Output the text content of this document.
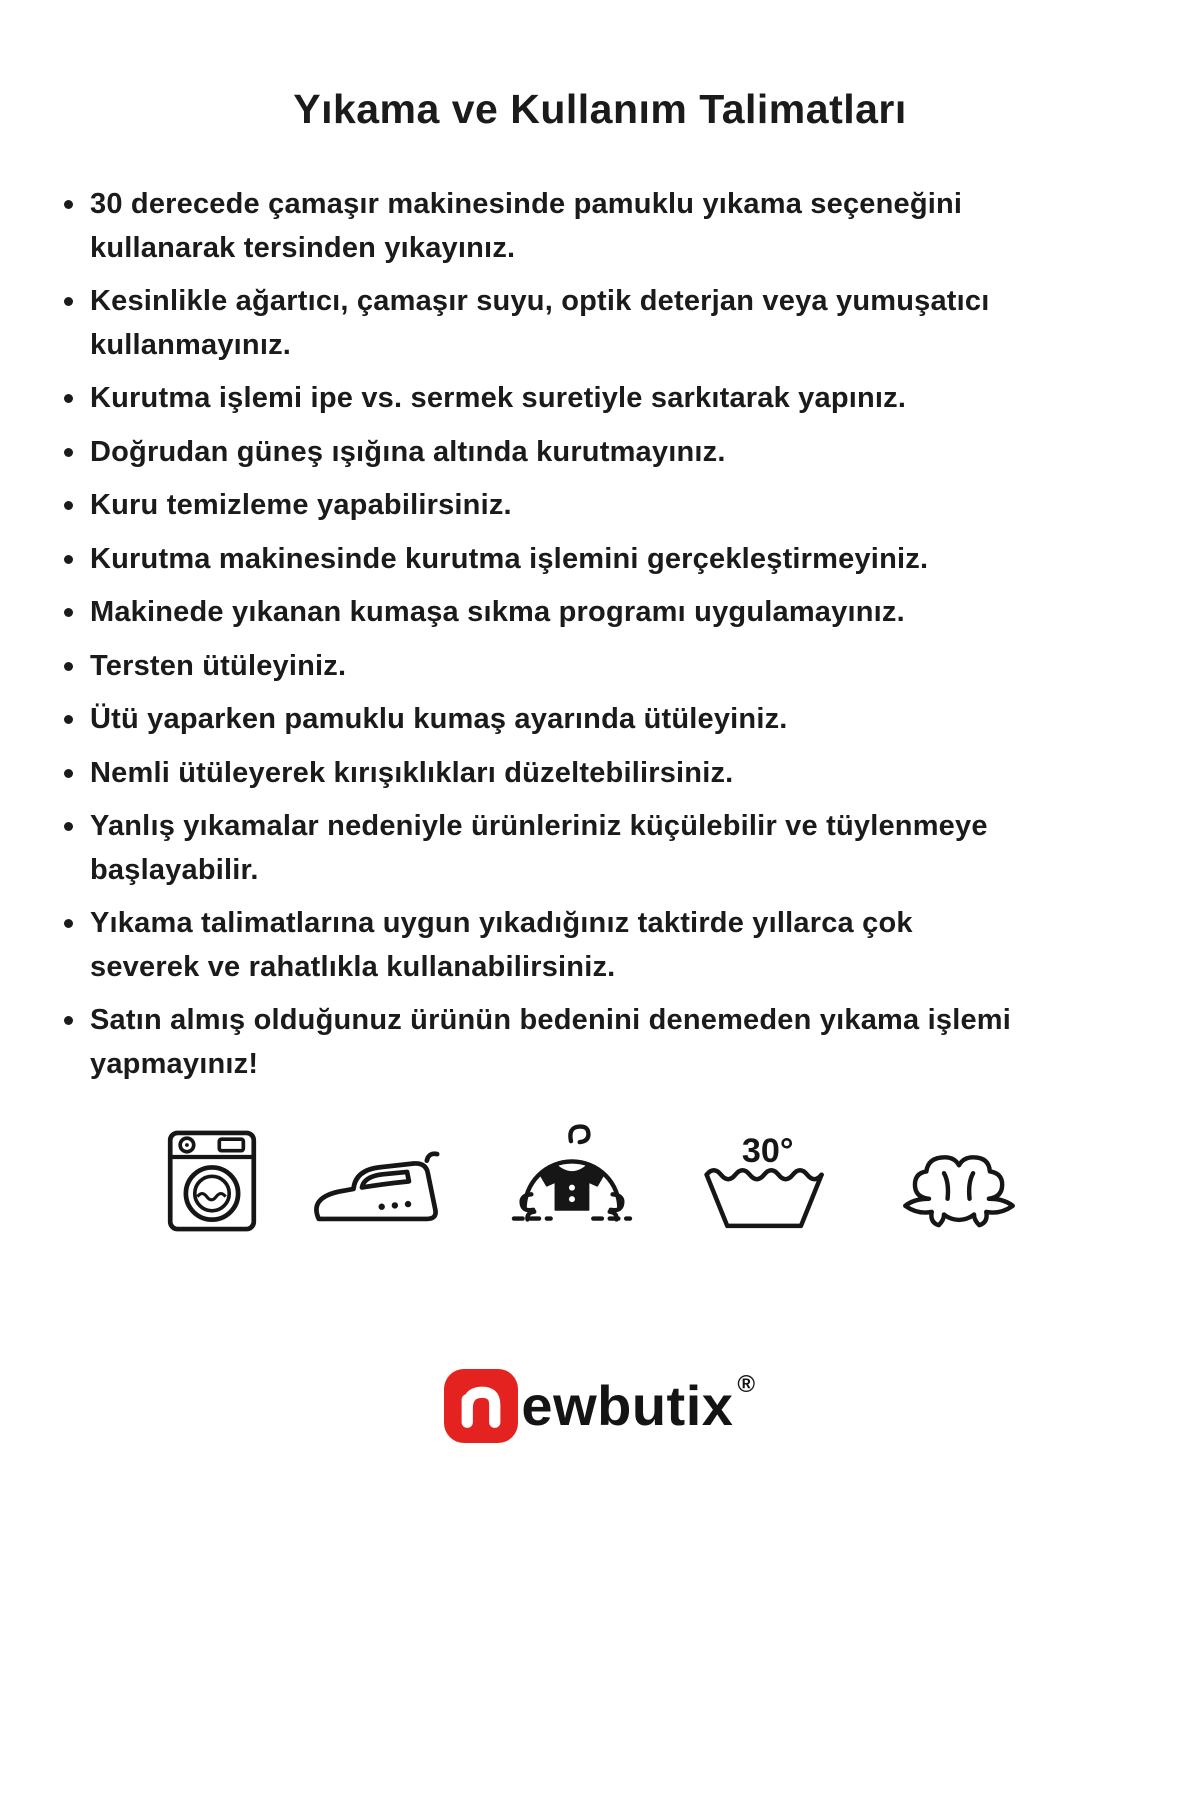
Yıkama ve Kullanım Talimatları
30 derecede çamaşır makinesinde pamuklu yıkama seçeneğini kullanarak tersinden yıkayınız.
Kesinlikle ağartıcı, çamaşır suyu, optik deterjan veya yumuşatıcı kullanmayınız.
Kurutma işlemi ipe vs. sermek suretiyle sarkıtarak yapınız.
Doğrudan güneş ışığına altında kurutmayınız.
Kuru temizleme yapabilirsiniz.
Kurutma makinesinde kurutma işlemini gerçekleştirmeyiniz.
Makinede yıkanan kumaşa sıkma programı uygulamayınız.
Tersten ütüleyiniz.
Ütü yaparken pamuklu kumaş ayarında ütüleyiniz.
Nemli ütüleyerek kırışıklıkları düzeltebilirsiniz.
Yanlış yıkamalar nedeniyle ürünleriniz küçülebilir ve tüylenmeye başlayabilir.
Yıkama talimatlarına uygun yıkadığınız taktirde yıllarca çok severek ve rahatlıkla kullanabilirsiniz.
Satın almış olduğunuz ürünün bedenini denemeden yıkama işlemi yapmayınız!
30°
ewbutix ®
